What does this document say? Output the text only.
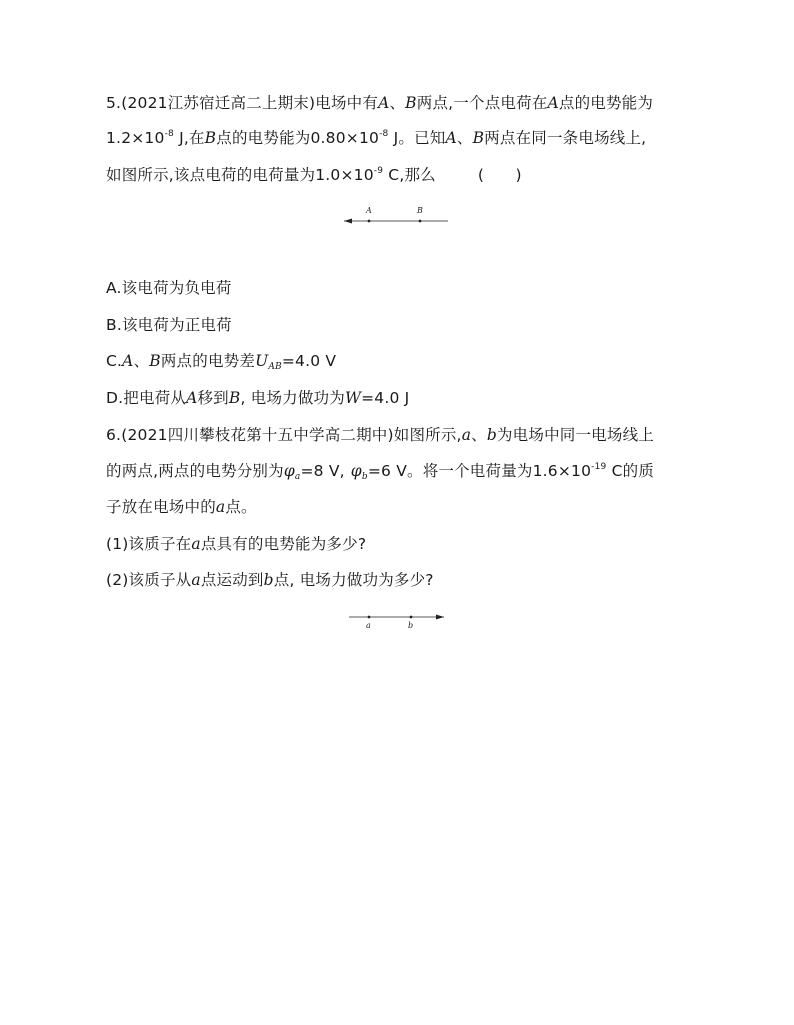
5.(2021江苏宿迁高二上期末)电场中有A、B两点,一个点电荷在A点的电势能为
$1.2\times 10^{-8}$ J,在B点的电势能为$0.80\times 10^{-8}$ J。已知A、B两点在同一条电场线上,
如图所示,该点电荷的电荷量为$1.0\times 10^{-9}$ C,那么	(　　)
A	B
A.该电荷为负电荷
B.该电荷为正电荷
C.A、B两点的电势差$U_{AB}=4.0$ V
D.把电荷从A移到B, 电场力做功为W=4.0 J
6.(2021四川攀枝花第十五中学高二期中)如图所示,a、b为电场中同一电场线上
的两点,两点的电势分别为$\varphi_a=8$ V, $\varphi_b=6$ V。将一个电荷量为$1.6\times 10^{-19}$ C的质
子放在电场中的a点。
(1)该质子在a点具有的电势能为多少?
(2)该质子从a点运动到b点, 电场力做功为多少?
a	b
